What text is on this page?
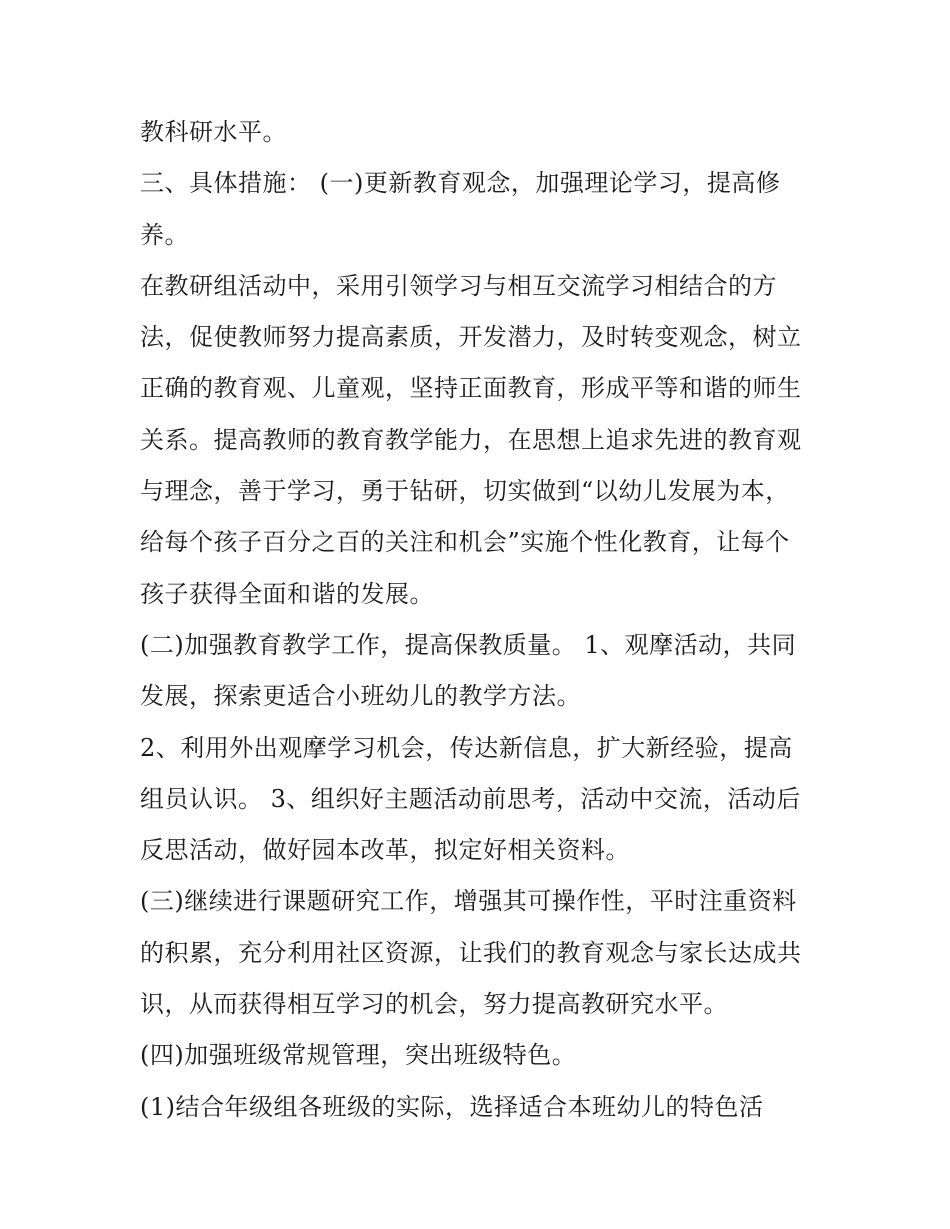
教科研水平。
三、具体措施： (一)更新教育观念，加强理论学习，提高修
养。
在教研组活动中，采用引领学习与相互交流学习相结合的方
法，促使教师努力提高素质，开发潜力，及时转变观念，树立
正确的教育观、儿童观，坚持正面教育，形成平等和谐的师生
关系。提高教师的教育教学能力，在思想上追求先进的教育观
与理念，善于学习，勇于钻研，切实做到“以幼儿发展为本，
给每个孩子百分之百的关注和机会”实施个性化教育，让每个
孩子获得全面和谐的发展。
(二)加强教育教学工作，提高保教质量。 1、观摩活动，共同
发展，探索更适合小班幼儿的教学方法。
2、利用外出观摩学习机会，传达新信息，扩大新经验，提高
组员认识。 3、组织好主题活动前思考，活动中交流，活动后
反思活动，做好园本改革，拟定好相关资料。
(三)继续进行课题研究工作，增强其可操作性，平时注重资料
的积累，充分利用社区资源，让我们的教育观念与家长达成共
识，从而获得相互学习的机会，努力提高教研究水平。
(四)加强班级常规管理，突出班级特色。
(1)结合年级组各班级的实际，选择适合本班幼儿的特色活
